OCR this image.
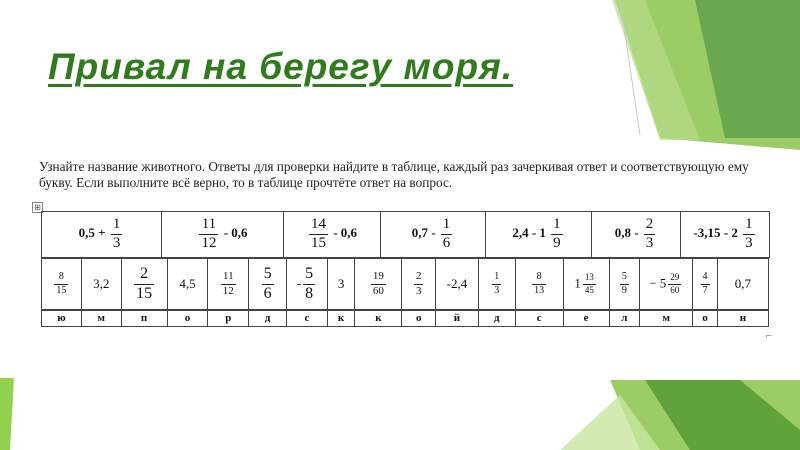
Привал на берегу моря.

Узнайте название животного. Ответы для проверки найдите в таблице, каждый раз зачеркивая ответ и соответствующую ему букву. Если выполните всё верно, то в таблице прочтёте ответ на вопрос.

⊞
$0,5 + \frac{1}{3}$	$\frac{11}{12} - 0,6$	$\frac{14}{15} - 0,6$	$0,7 - \frac{1}{6}$	$2,4 - 1 \frac{1}{9}$	$0,8 - \frac{2}{3}$	$-3,15 - 2 \frac{1}{3}$
$\frac{8}{15}$	3,2	$\frac{2}{15}$	4,5	$\frac{11}{12}$	$\frac{5}{6}$	- $\frac{5}{8}$	3	$\frac{19}{60}$	$\frac{2}{3}$	-2,4	$\frac{1}{3}$	$\frac{8}{13}$	$1 \frac{13}{45}$	$\frac{5}{9}$	− $5 \frac{29}{60}$	$\frac{4}{7}$	0,7
ю	м	п	о	р	д	с	к	к	о	й	д	с	е	л	м	о	н
⌐
